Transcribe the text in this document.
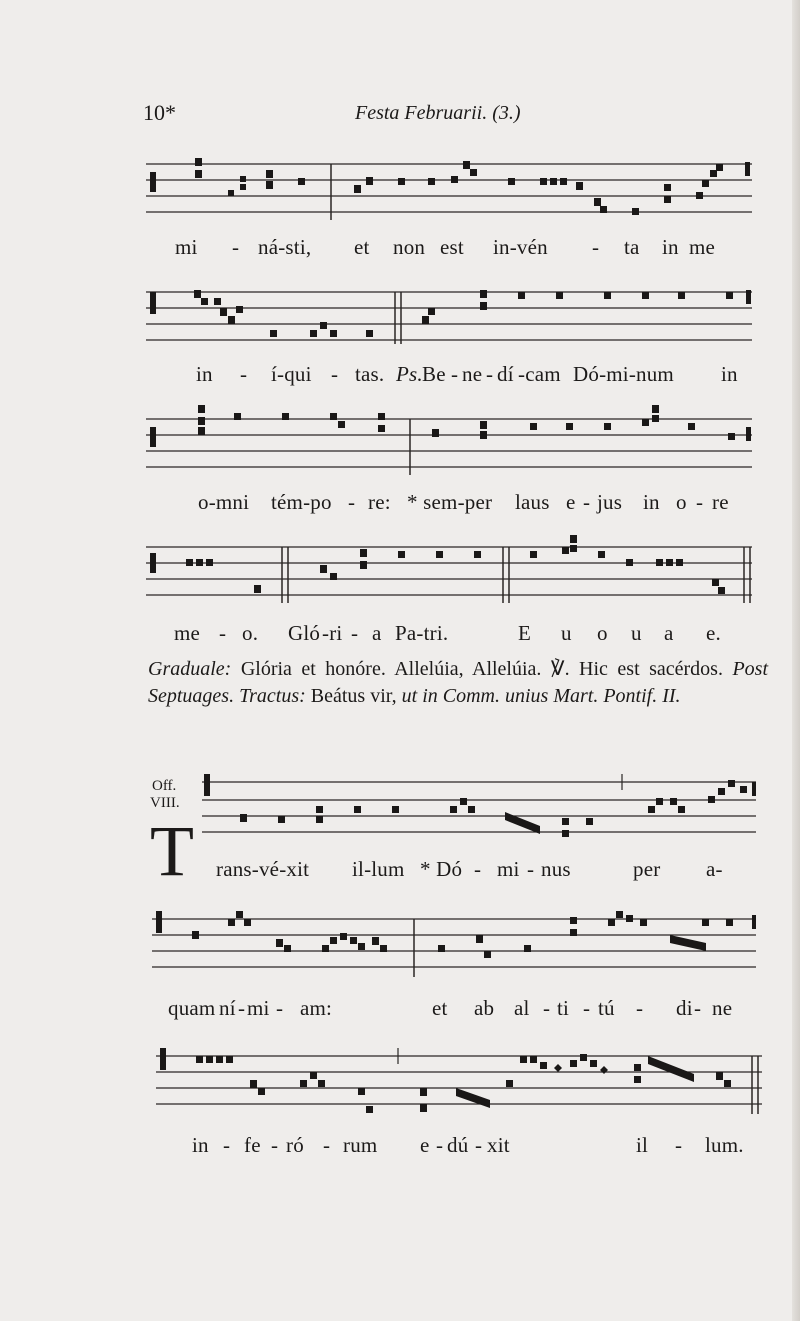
10*	Festa Februarii. (3.)
mi - ná-sti, et non est in-vén - ta in me
in - í-qui - tas. Ps. Be - ne - dí -cam Dó-mi-num in
o-mni tém-po - re: * sem-per laus e - jus in o - re
me - o. Gló -ri - a Pa-tri.	E u o u a e.
Graduale: Glória et honóre. Allelúia, Allelúia. ℣. Hic est sacérdos. Post Septuages. Tractus: Beátus vir, ut in Comm. unius Mart. Pontif. II.
Off.
VIII.
T rans-vé-xit il-lum * Dó - mi - nus	per a-
quam ní - mi - am:	et ab al - ti - tú - di - ne
in - fe - ró - rum e - dú - xit	il - lum.
